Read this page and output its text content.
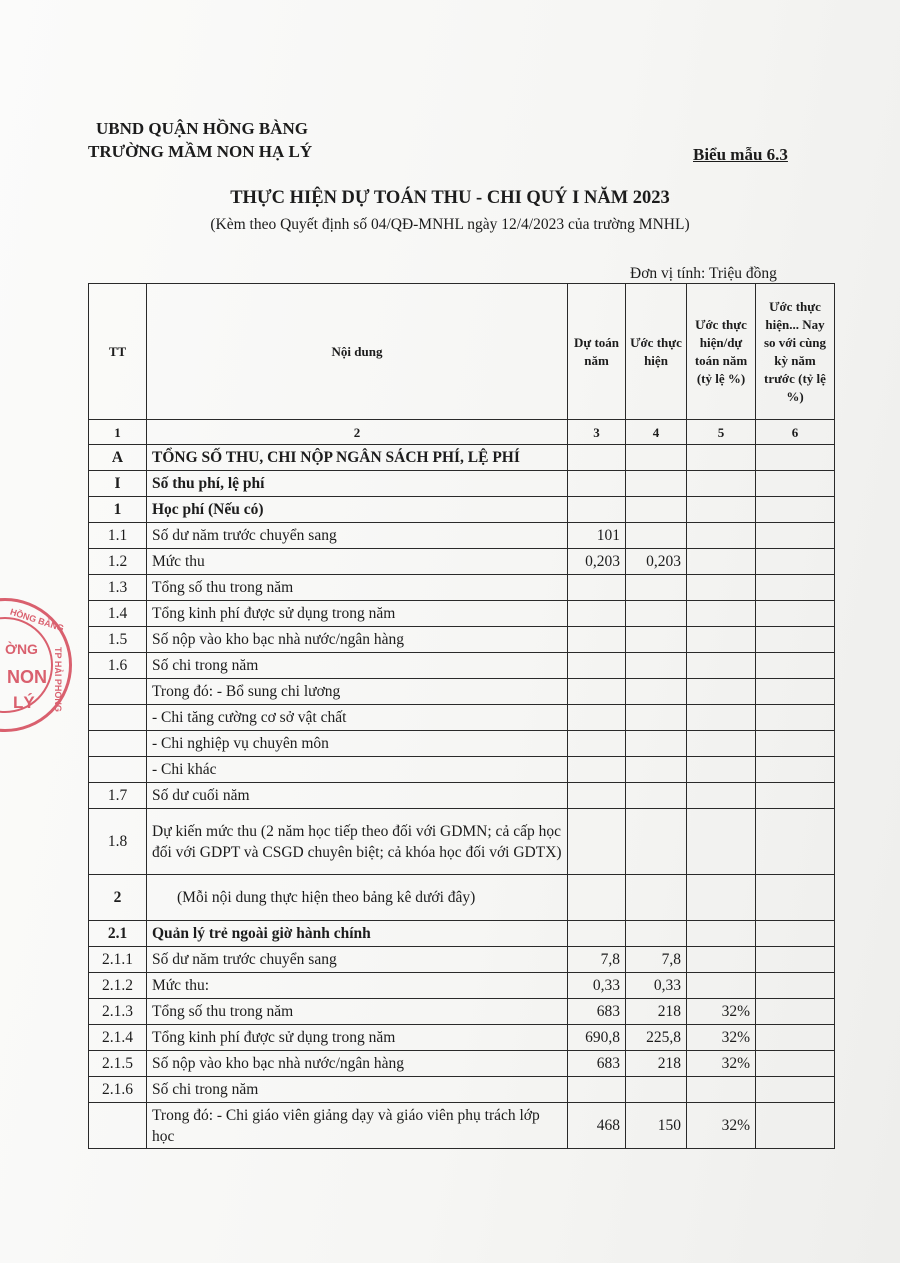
UBND QUẬN HỒNG BÀNG
TRƯỜNG MẦM NON HẠ LÝ	Biểu mẫu 6.3
THỰC HIỆN DỰ TOÁN THU - CHI QUÝ I NĂM 2023
(Kèm theo Quyết định số 04/QĐ-MNHL ngày 12/4/2023 của trường MNHL)
Đơn vị tính: Triệu đồng
TT	Nội dung	Dự toán năm	Ước thực hiện	Ước thực hiện/dự toán năm (tỷ lệ %)	Ước thực hiện... Nay so với cùng kỳ năm trước (tỷ lệ %)
1	2	3	4	5	6
A	TỔNG SỐ THU, CHI NỘP NGÂN SÁCH PHÍ, LỆ PHÍ				
I	Số thu phí, lệ phí				
1	Học phí (Nếu có)				
1.1	Số dư năm trước chuyển sang	101			
1.2	Mức thu	0,203	0,203		
1.3	Tổng số thu trong năm				
1.4	Tổng kinh phí được sử dụng trong năm				
1.5	Số nộp vào kho bạc nhà nước/ngân hàng				
1.6	Số chi trong năm				
	Trong đó: - Bổ sung chi lương				
	- Chi tăng cường cơ sở vật chất				
	- Chi nghiệp vụ chuyên môn				
	- Chi khác				
1.7	Số dư cuối năm				
1.8	Dự kiến mức thu (2 năm học tiếp theo đối với GDMN; cả cấp học đối với GDPT và CSGD chuyên biệt; cả khóa học đối với GDTX)				
2	(Mỗi nội dung thực hiện theo bảng kê dưới đây)				
2.1	Quản lý trẻ ngoài giờ hành chính				
2.1.1	Số dư năm trước chuyển sang	7,8	7,8		
2.1.2	Mức thu:	0,33	0,33		
2.1.3	Tổng số thu trong năm	683	218	32%	
2.1.4	Tổng kinh phí được sử dụng trong năm	690,8	225,8	32%	
2.1.5	Số nộp vào kho bạc nhà nước/ngân hàng	683	218	32%	
2.1.6	Số chi trong năm				
	Trong đó: - Chi giáo viên giảng dạy và giáo viên phụ trách lớp học	468	150	32%	
HỒNG BÀNG
TP HẢI PHÒNG
ỜNG
NON
LÝ
